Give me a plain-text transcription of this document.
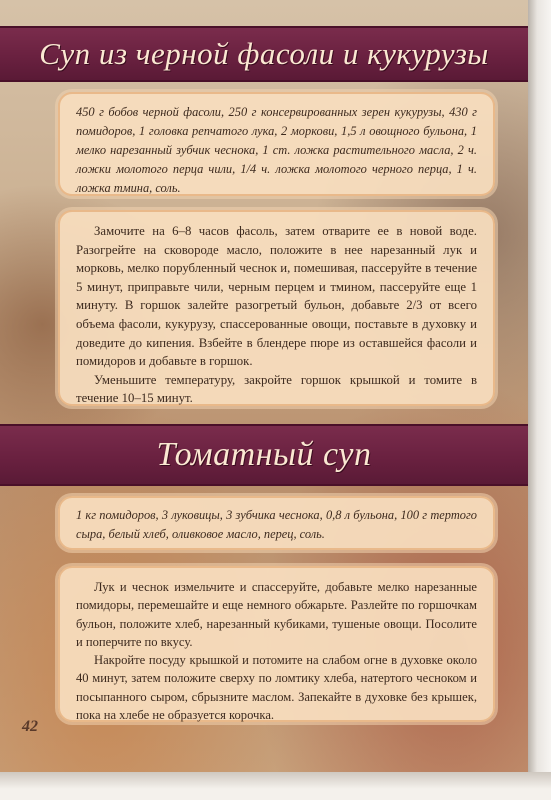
Суп из черной фасоли и кукурузы

450 г бобов черной фасоли, 250 г консервированных зерен кукурузы, 430 г помидоров, 1 головка репчатого лука, 2 моркови, 1,5 л овощного бульона, 1 мелко нарезанный зубчик чеснока, 1 ст. ложка растительного масла, 2 ч. ложки молотого перца чили, 1/4 ч. ложка молотого черного перца, 1 ч. ложка тмина, соль.

Замочите на 6–8 часов фасоль, затем отварите ее в новой воде. Разогрейте на сковороде масло, положите в нее нарезанный лук и морковь, мелко порубленный чеснок и, помешивая, пассеруйте в течение 5 минут, приправьте чили, черным перцем и тмином, пассеруйте еще 1 минуту. В горшок залейте разогретый бульон, добавьте 2/3 от всего объема фасоли, кукурузу, спассерованные овощи, поставьте в духовку и доведите до кипения. Взбейте в блендере пюре из оставшейся фасоли и помидоров и добавьте в горшок.

Уменьшите температуру, закройте горшок крышкой и томите в течение 10–15 минут.

Томатный суп

1 кг помидоров, 3 луковицы, 3 зубчика чеснока, 0,8 л бульона, 100 г тертого сыра, белый хлеб, оливковое масло, перец, соль.

Лук и чеснок измельчите и спассеруйте, добавьте мелко нарезанные помидоры, перемешайте и еще немного обжарьте. Разлейте по горшочкам бульон, положите хлеб, нарезанный кубиками, тушеные овощи. Посолите и поперчите по вкусу.

Накройте посуду крышкой и потомите на слабом огне в духовке около 40 минут, затем положите сверху по ломтику хлеба, натертого чесноком и посыпанного сыром, сбрызните маслом. Запекайте в духовке без крышек, пока на хлебе не образуется корочка.

42
